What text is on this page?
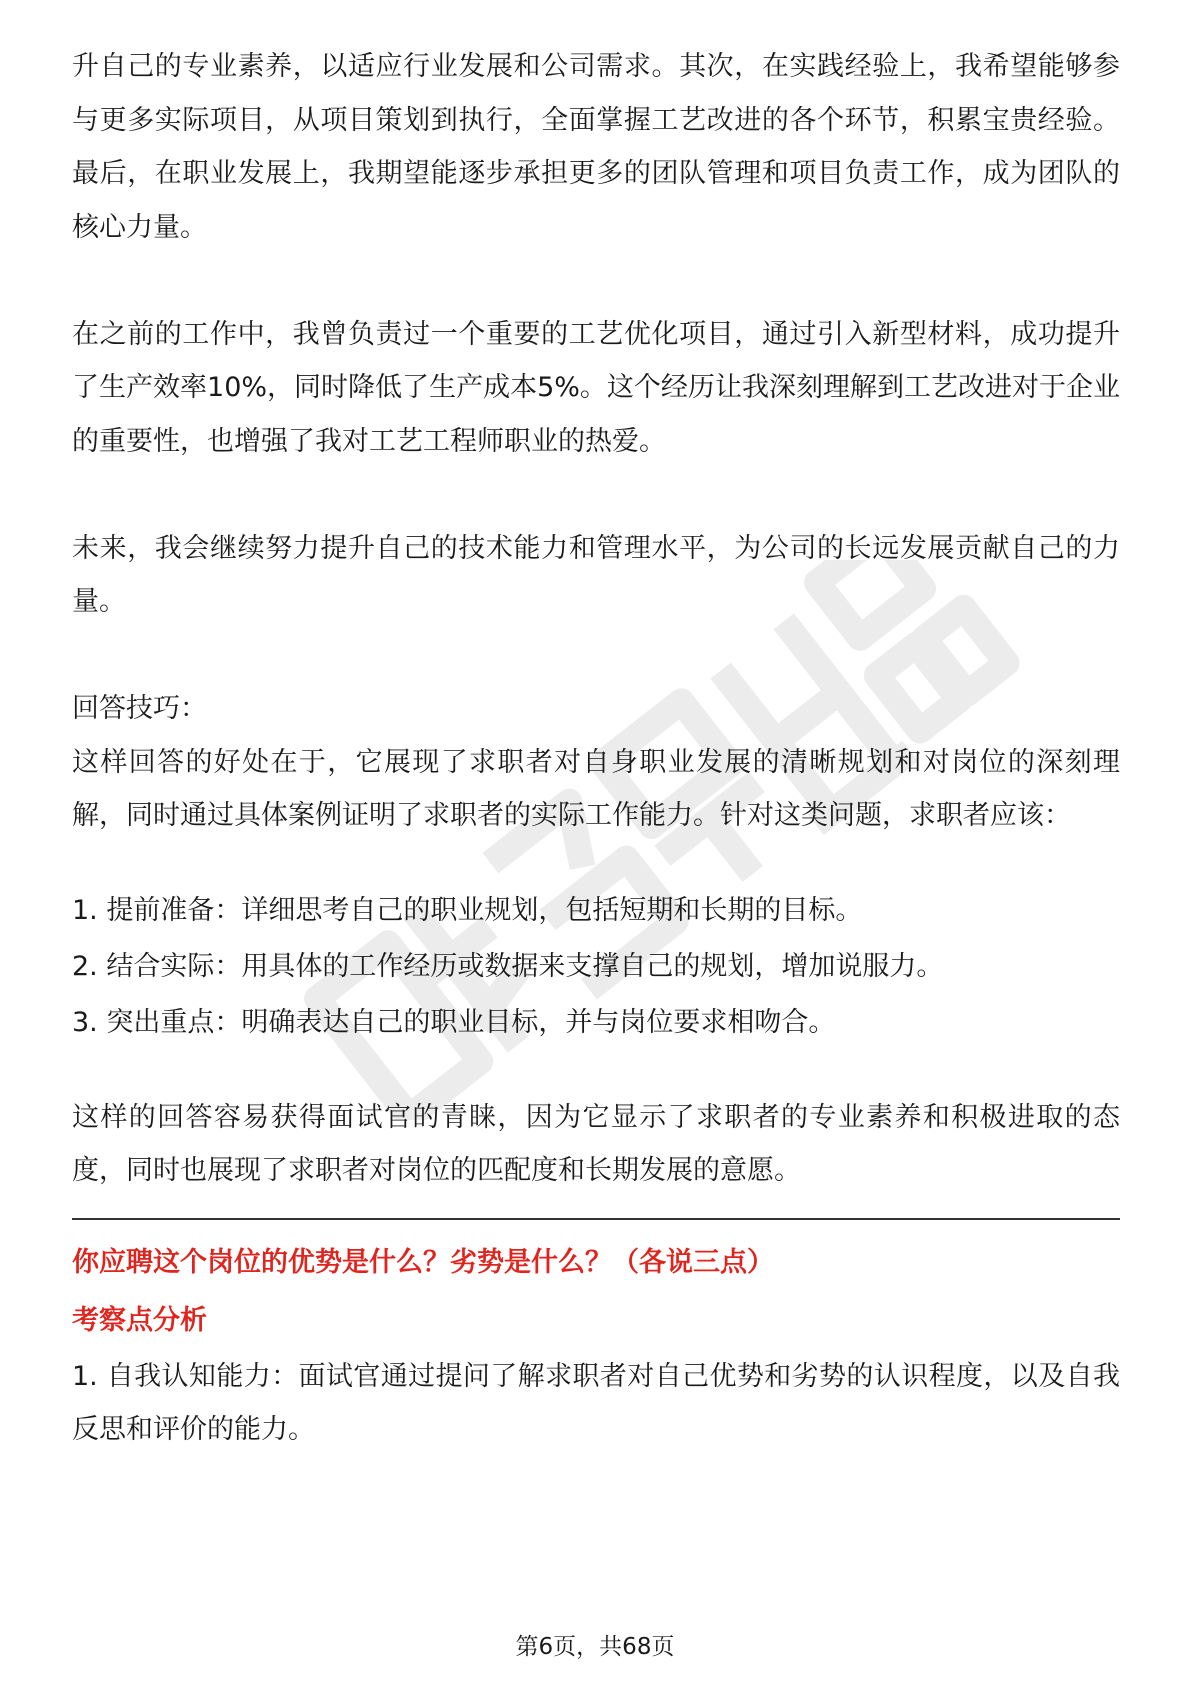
升自己的专业素养，以适应行业发展和公司需求。其次，在实践经验上，我希望能够参与更多实际项目，从项目策划到执行，全面掌握工艺改进的各个环节，积累宝贵经验。最后，在职业发展上，我期望能逐步承担更多的团队管理和项目负责工作，成为团队的核心力量。

在之前的工作中，我曾负责过一个重要的工艺优化项目，通过引入新型材料，成功提升了生产效率10%，同时降低了生产成本5%。这个经历让我深刻理解到工艺改进对于企业的重要性，也增强了我对工艺工程师职业的热爱。

未来，我会继续努力提升自己的技术能力和管理水平，为公司的长远发展贡献自己的力量。

回答技巧：

这样回答的好处在于，它展现了求职者对自身职业发展的清晰规划和对岗位的深刻理解，同时通过具体案例证明了求职者的实际工作能力。针对这类问题，求职者应该：

1. 提前准备：详细思考自己的职业规划，包括短期和长期的目标。

2. 结合实际：用具体的工作经历或数据来支撑自己的规划，增加说服力。

3. 突出重点：明确表达自己的职业目标，并与岗位要求相吻合。

这样的回答容易获得面试官的青睐，因为它显示了求职者的专业素养和积极进取的态度，同时也展现了求职者对岗位的匹配度和长期发展的意愿。

你应聘这个岗位的优势是什么？劣势是什么？（各说三点）

考察点分析

1. 自我认知能力：面试官通过提问了解求职者对自己优势和劣势的认识程度，以及自我反思和评价的能力。

第6页，共68页
